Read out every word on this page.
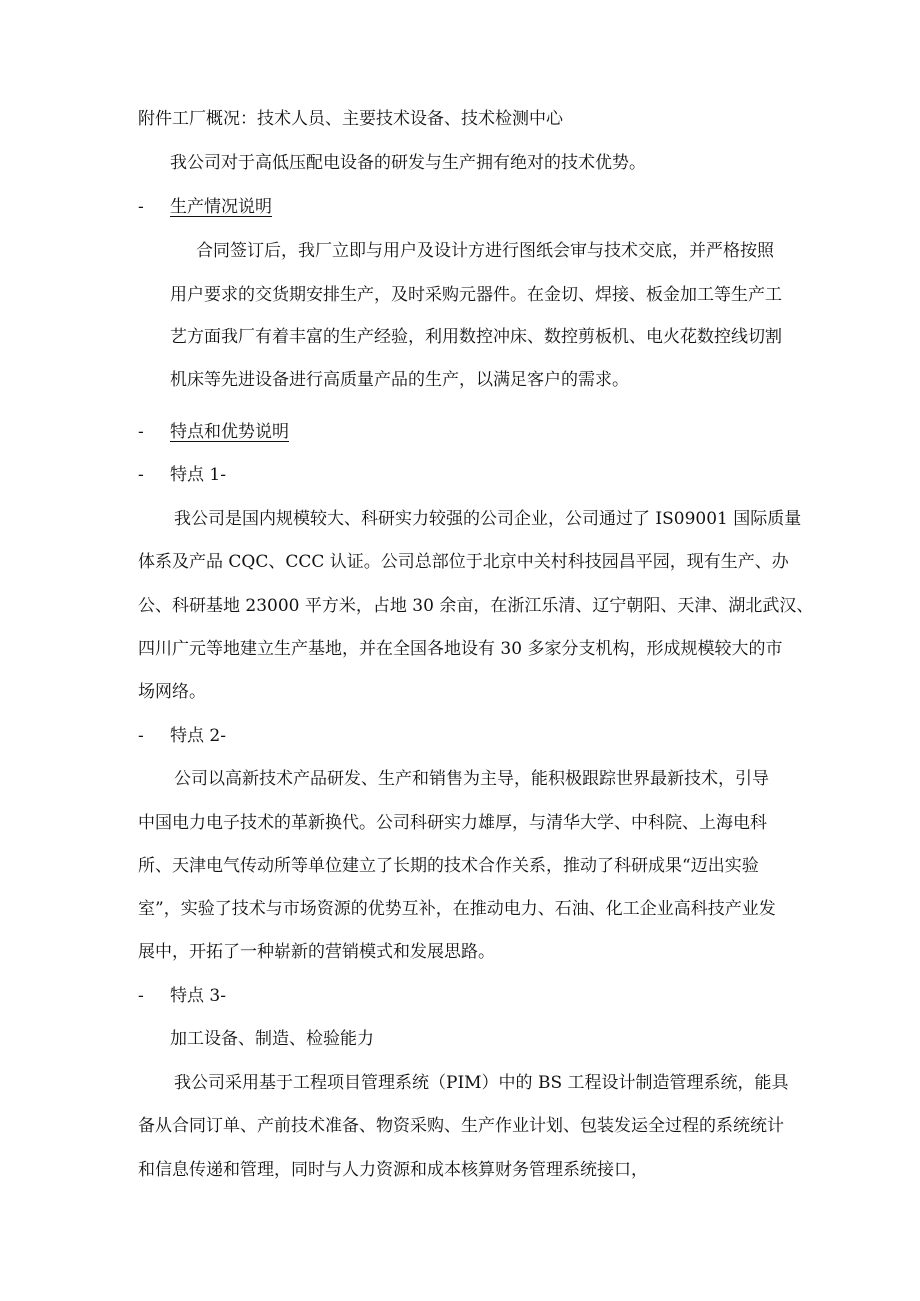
附件工厂概况：技术人员、主要技术设备、技术检测中心

我公司对于高低压配电设备的研发与生产拥有绝对的技术优势。

- 生产情况说明

合同签订后，我厂立即与用户及设计方进行图纸会审与技术交底，并严格按照

用户要求的交货期安排生产，及时采购元器件。在金切、焊接、板金加工等生产工

艺方面我厂有着丰富的生产经验，利用数控冲床、数控剪板机、电火花数控线切割

机床等先进设备进行高质量产品的生产，以满足客户的需求。

- 特点和优势说明

- 特点 1-

我公司是国内规模较大、科研实力较强的公司企业，公司通过了 IS09001 国际质量

体系及产品 CQC、CCC 认证。公司总部位于北京中关村科技园昌平园，现有生产、办

公、科研基地 23000 平方米，占地 30 余亩，在浙江乐清、辽宁朝阳、天津、湖北武汉、

四川广元等地建立生产基地，并在全国各地设有 30 多家分支机构，形成规模较大的市

场网络。

- 特点 2-

公司以高新技术产品研发、生产和销售为主导，能积极跟踪世界最新技术，引导

中国电力电子技术的革新换代。公司科研实力雄厚，与清华大学、中科院、上海电科

所、天津电气传动所等单位建立了长期的技术合作关系，推动了科研成果“迈出实验

室”，实验了技术与市场资源的优势互补，在推动电力、石油、化工企业高科技产业发

展中，开拓了一种崭新的营销模式和发展思路。

- 特点 3-

加工设备、制造、检验能力

我公司采用基于工程项目管理系统（PIM）中的 BS 工程设计制造管理系统，能具

备从合同订单、产前技术准备、物资采购、生产作业计划、包装发运全过程的系统统计

和信息传递和管理，同时与人力资源和成本核算财务管理系统接口，
